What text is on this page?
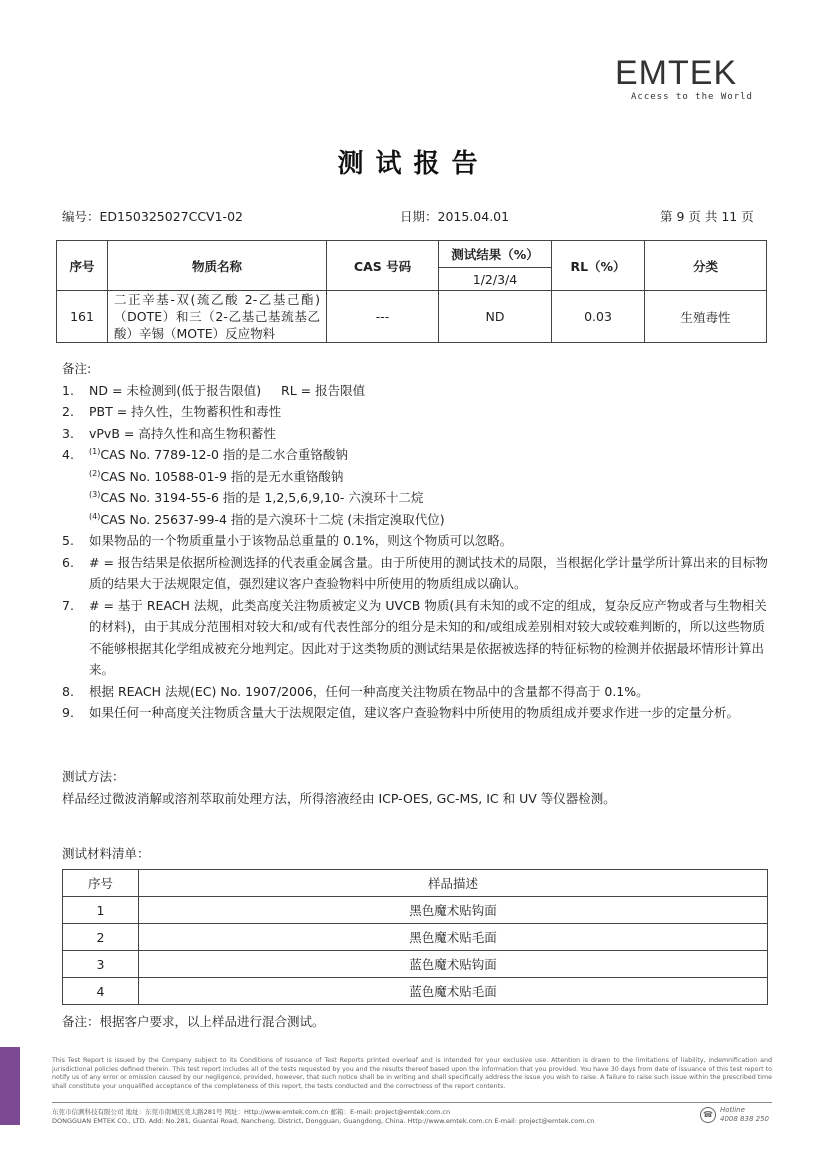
EMTEK
Access to the World
测试报告
编号：ED150325027CCV1-02	日期：2015.04.01	第 9 页 共 11 页
序号	物质名称	CAS 号码	测试结果（%）	RL（%）	分类
			1/2/3/4		
161	二正辛基-双(巯乙酸 2-乙基己酯)（DOTE）和三（2-乙基己基巯基乙酸）辛锡（MOTE）反应物料	---	ND	0.03	生殖毒性
备注:
1.	ND = 未检测到(低于报告限值)     RL = 报告限值
2.	PBT = 持久性，生物蓄积性和毒性
3.	vPvB = 高持久性和高生物积蓄性
4.	$^{(1)}$CAS No. 7789-12-0 指的是二水合重铬酸钠
$^{(2)}$CAS No. 10588-01-9 指的是无水重铬酸钠
$^{(3)}$CAS No. 3194-55-6 指的是 1,2,5,6,9,10- 六溴环十二烷
$^{(4)}$CAS No. 25637-99-4 指的是六溴环十二烷 (未指定溴取代位)
5.	如果物品的一个物质重量小于该物品总重量的 0.1%，则这个物质可以忽略。
6.	# = 报告结果是依据所检测选择的代表重金属含量。由于所使用的测试技术的局限，当根据化学计量学所计算出来的目标物质的结果大于法规限定值，强烈建议客户查验物料中所使用的物质组成以确认。
7.	# = 基于 REACH 法规，此类高度关注物质被定义为 UVCB 物质(具有未知的或不定的组成，复杂反应产物或者与生物相关的材料)，由于其成分范围相对较大和/或有代表性部分的组分是未知的和/或组成差别相对较大或较难判断的，所以这些物质不能够根据其化学组成被充分地判定。因此对于这类物质的测试结果是依据被选择的特征标物的检测并依据最坏情形计算出来。
8.	根据 REACH 法规(EC) No. 1907/2006，任何一种高度关注物质在物品中的含量都不得高于 0.1%。
9.	如果任何一种高度关注物质含量大于法规限定值，建议客户查验物料中所使用的物质组成并要求作进一步的定量分析。
测试方法：
样品经过微波消解或溶剂萃取前处理方法，所得溶液经由 ICP-OES, GC-MS, IC 和 UV 等仪器检测。
测试材料清单：
序号	样品描述
1	黑色魔术贴钩面
2	黑色魔术贴毛面
3	蓝色魔术贴钩面
4	蓝色魔术贴毛面
备注：根据客户要求，以上样品进行混合测试。
This Test Report is issued by the Company subject to its Conditions of Issuance of Test Reports printed overleaf and is intended for your exclusive use. Attention is drawn to the limitations of liability, indemnification and jurisdictional policies defined therein. This test report includes all of the tests requested by you and the results thereof based upon the information that you provided. You have 30 days from date of issuance of this test report to notify us of any error or omission caused by our negligence, provided, however, that such notice shall be in writing and shall specifically address the issue you wish to raise. A failure to raise such issue within the prescribed time shall constitute your unqualified acceptance of the completeness of this report, the tests conducted and the correctness of the report contents.
东莞市信测科技有限公司 地址：东莞市南城区莞太路281号 网址：Http://www.emtek.com.cn 邮箱：E-mail: project@emtek.com.cn
DONGGUAN EMTEK CO., LTD. Add: No.281, Guantai Road, Nancheng, District, Dongguan, Guangdong, China. Http://www.emtek.com.cn E-mail: project@emtek.com.cn
☎	Hotline
4008 838 250
